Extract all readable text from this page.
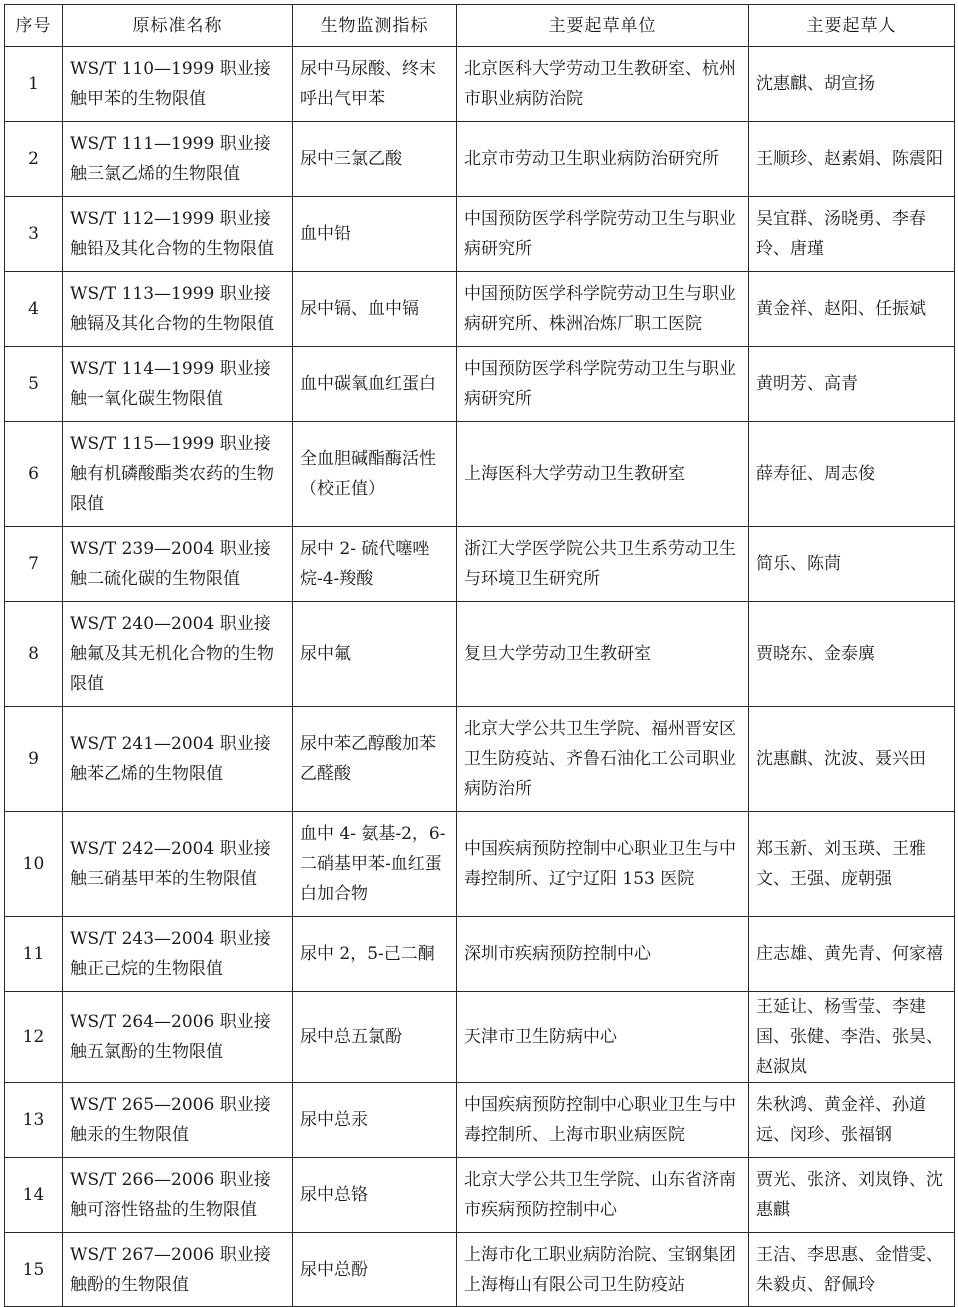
序号	原标准名称	生物监测指标	主要起草单位	主要起草人
1	WS/T 110—1999 职业接触甲苯的生物限值	尿中马尿酸、终末呼出气甲苯	北京医科大学劳动卫生教研室、杭州市职业病防治院	沈惠麒、胡宣扬
2	WS/T 111—1999 职业接触三氯乙烯的生物限值	尿中三氯乙酸	北京市劳动卫生职业病防治研究所	王顺珍、赵素娟、陈震阳
3	WS/T 112—1999 职业接触铅及其化合物的生物限值	血中铅	中国预防医学科学院劳动卫生与职业病研究所	吴宜群、汤晓勇、李春玲、唐瑾
4	WS/T 113—1999 职业接触镉及其化合物的生物限值	尿中镉、血中镉	中国预防医学科学院劳动卫生与职业病研究所、株洲冶炼厂职工医院	黄金祥、赵阳、任振斌
5	WS/T 114—1999 职业接触一氧化碳生物限值	血中碳氧血红蛋白	中国预防医学科学院劳动卫生与职业病研究所	黄明芳、高青
6	WS/T 115—1999 职业接触有机磷酸酯类农药的生物限值	全血胆碱酯酶活性（校正值）	上海医科大学劳动卫生教研室	薛寿征、周志俊
7	WS/T 239—2004 职业接触二硫化碳的生物限值	尿中 2- 硫代噻唑烷-4-羧酸	浙江大学医学院公共卫生系劳动卫生与环境卫生研究所	简乐、陈茼
8	WS/T 240—2004 职业接触氟及其无机化合物的生物限值	尿中氟	复旦大学劳动卫生教研室	贾晓东、金泰廙
9	WS/T 241—2004 职业接触苯乙烯的生物限值	尿中苯乙醇酸加苯乙醛酸	北京大学公共卫生学院、福州晋安区卫生防疫站、齐鲁石油化工公司职业病防治所	沈惠麒、沈波、聂兴田
10	WS/T 242—2004 职业接触三硝基甲苯的生物限值	血中 4- 氨基-2，6-二硝基甲苯-血红蛋白加合物	中国疾病预防控制中心职业卫生与中毒控制所、辽宁辽阳 153 医院	郑玉新、刘玉瑛、王雅文、王强、庞朝强
11	WS/T 243—2004 职业接触正己烷的生物限值	尿中 2，5-己二酮	深圳市疾病预防控制中心	庄志雄、黄先青、何家禧
12	WS/T 264—2006 职业接触五氯酚的生物限值	尿中总五氯酚	天津市卫生防病中心	王延让、杨雪莹、李建国、张健、李浩、张昊、赵淑岚
13	WS/T 265—2006 职业接触汞的生物限值	尿中总汞	中国疾病预防控制中心职业卫生与中毒控制所、上海市职业病医院	朱秋鸿、黄金祥、孙道远、闵珍、张福钢
14	WS/T 266—2006 职业接触可溶性铬盐的生物限值	尿中总铬	北京大学公共卫生学院、山东省济南市疾病预防控制中心	贾光、张济、刘岚铮、沈惠麒
15	WS/T 267—2006 职业接触酚的生物限值	尿中总酚	上海市化工职业病防治院、宝钢集团上海梅山有限公司卫生防疫站	王洁、李思惠、金惜雯、朱毅贞、舒佩玲
